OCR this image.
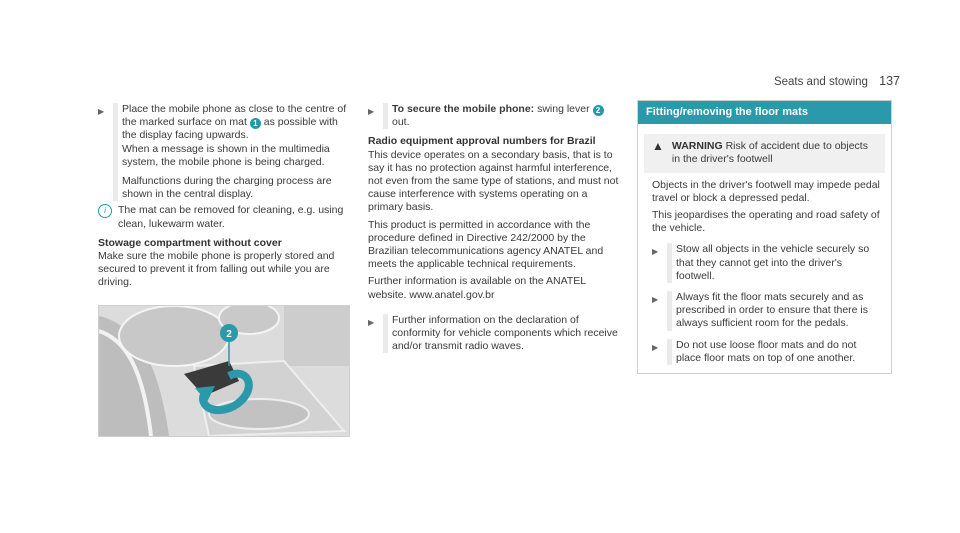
Seats and stowing 137
▶	Place the mobile phone as close to the centre of the marked surface on mat 1 as possible with the display facing upwards.

When a message is shown in the multimedia system, the mobile phone is being charged.

Malfunctions during the charging process are shown in the central display.

i	The mat can be removed for cleaning, e.g. using clean, lukewarm water.
Stowage compartment without cover

Make sure the mobile phone is properly stored and secured to prevent it from falling out while you are driving.

2
▶	To secure the mobile phone: swing lever 2 out.

Radio equipment approval numbers for Brazil

This device operates on a secondary basis, that is to say it has no protection against harmful interference, not even from the same type of stations, and must not cause interference with systems operating on a primary basis.

This product is permitted in accordance with the procedure defined in Directive 242/2000 by the Brazilian telecommunications agency ANATEL and meets the applicable technical requirements.

Further information is available on the ANATEL website. www.anatel.gov.br

▶	Further information on the declaration of conformity for vehicle components which receive and/or transmit radio waves.

Fitting/removing the floor mats
▲ WARNING Risk of accident due to objects in the driver's footwell

Objects in the driver's footwell may impede pedal travel or block a depressed pedal.

This jeopardises the operating and road safety of the vehicle.

▶	Stow all objects in the vehicle securely so that they cannot get into the driver's footwell.

▶	Always fit the floor mats securely and as prescribed in order to ensure that there is always sufficient room for the pedals.

▶	Do not use loose floor mats and do not place floor mats on top of one another.
